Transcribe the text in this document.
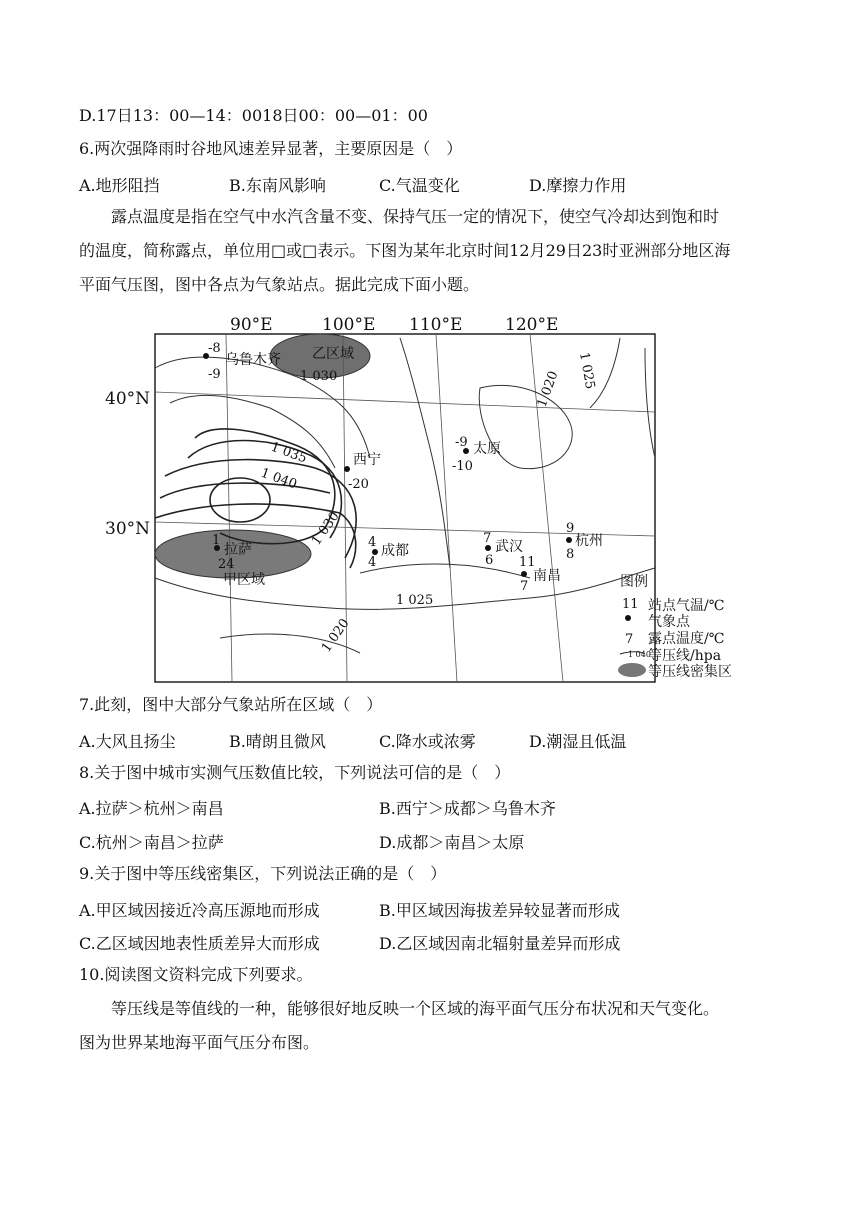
D.17日13：00—14：0018日00：00—01：00
6.两次强降雨时谷地风速差异显著，主要原因是（　）
A.地形阻挡	B.东南风影响	C.气温变化	D.摩擦力作用
露点温度是指在空气中水汽含量不变、保持气压一定的情况下，使空气冷却达到饱和时
的温度，简称露点，单位用□或□表示。下图为某年北京时间12月29日23时亚洲部分地区海
平面气压图，图中各点为气象站点。据此完成下面小题。
90°E	100°E 110°E	120°E
40°N
30°N
1 030
1 035
1 040
1 030
1 025
1 020
1 020 1 025
乙区域
甲区域
-8
-9
乌鲁木齐
-20
西宁
-9
-10
太原
1
24
拉萨	4
4
成都
7
6
武汉
9
8
杭州
11
7
南昌	图例
11 站点气温/℃
气象点
7 露点温度/℃
1 040
等压线/hpa
等压线密集区
7.此刻，图中大部分气象站所在区域（　）
A.大风且扬尘	B.晴朗且微风	C.降水或浓雾	D.潮湿且低温
8.关于图中城市实测气压数值比较，下列说法可信的是（　）
A.拉萨＞杭州＞南昌	B.西宁＞成都＞乌鲁木齐
C.杭州＞南昌＞拉萨	D.成都＞南昌＞太原
9.关于图中等压线密集区，下列说法正确的是（　）
A.甲区域因接近冷高压源地而形成	B.甲区域因海拔差异较显著而形成
C.乙区域因地表性质差异大而形成	D.乙区域因南北辐射量差异而形成
10.阅读图文资料完成下列要求。
等压线是等值线的一种，能够很好地反映一个区域的海平面气压分布状况和天气变化。
图为世界某地海平面气压分布图。
